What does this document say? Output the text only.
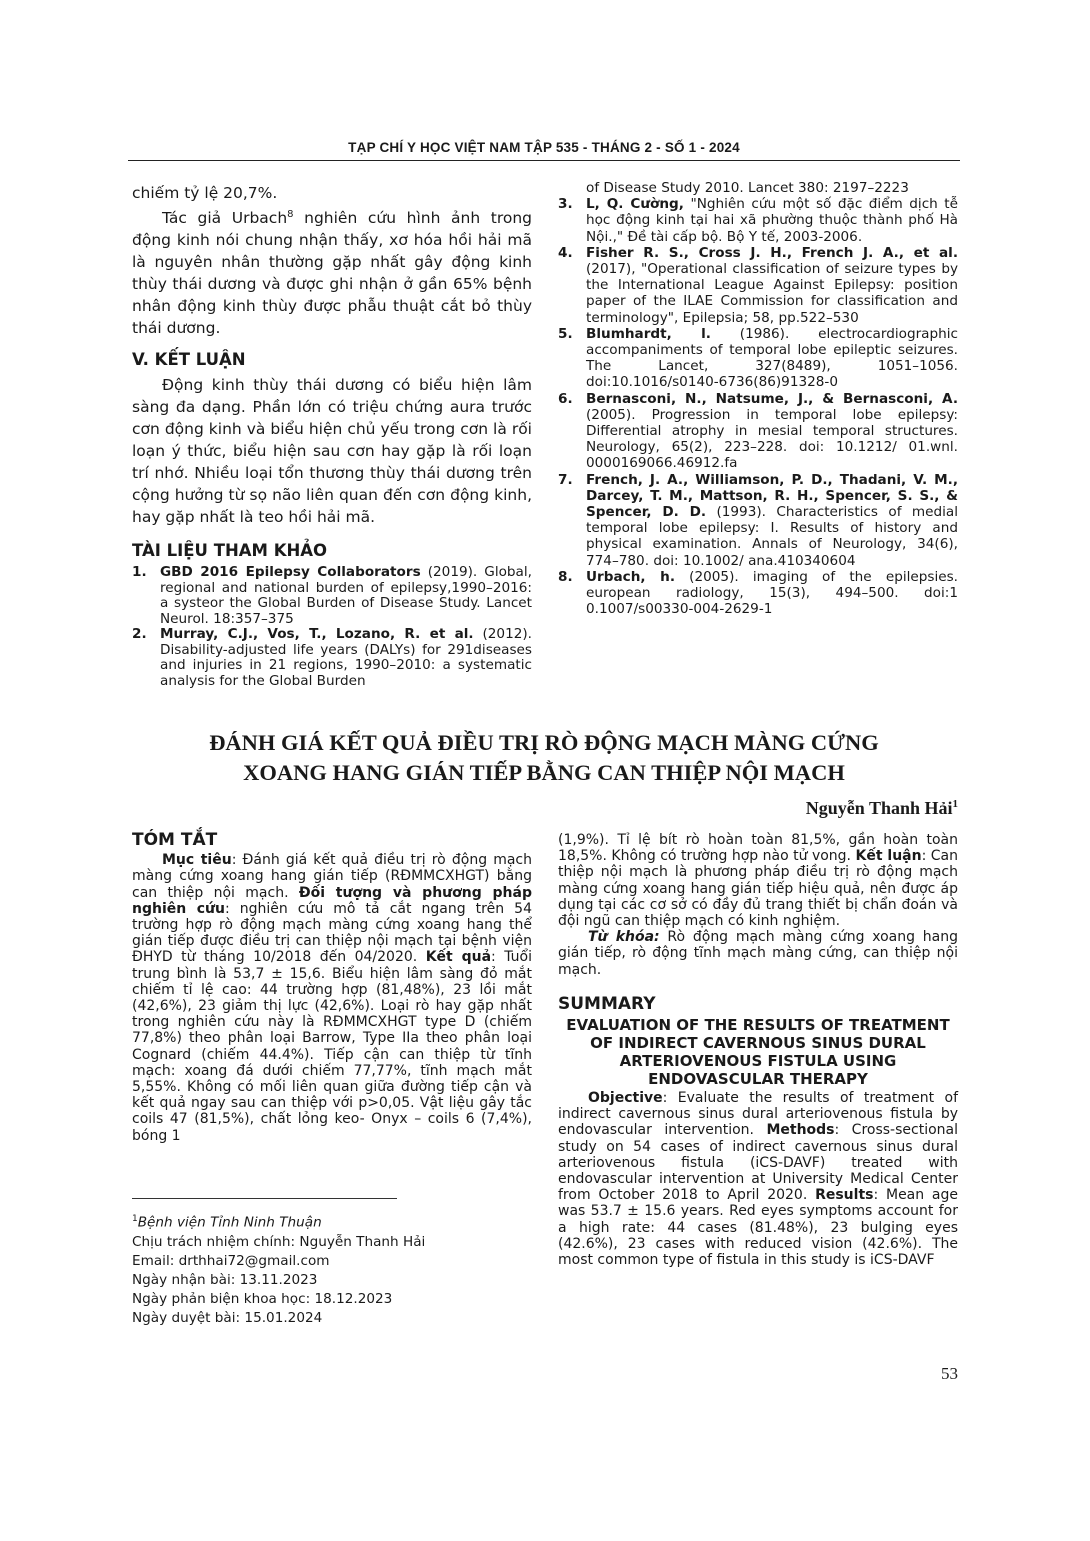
TẠP CHÍ Y HỌC VIỆT NAM TẬP 535 - THÁNG 2 - SỐ 1 - 2024

chiếm tỷ lệ 20,7%.

Tác giả Urbach$^8$ nghiên cứu hình ảnh trong động kinh nói chung nhận thấy, xơ hóa hồi hải mã là nguyên nhân thường gặp nhất gây động kinh thùy thái dương và được ghi nhận ở gần 65% bệnh nhân động kinh thùy được phẫu thuật cắt bỏ thùy thái dương.

V. KẾT LUẬN

Động kinh thùy thái dương có biểu hiện lâm sàng đa dạng. Phần lớn có triệu chứng aura trước cơn động kinh và biểu hiện chủ yếu trong cơn là rối loạn ý thức, biểu hiện sau cơn hay gặp là rối loạn trí nhớ. Nhiều loại tổn thương thùy thái dương trên cộng hưởng từ sọ não liên quan đến cơn động kinh, hay gặp nhất là teo hồi hải mã.

TÀI LIỆU THAM KHẢO
1. GBD 2016 Epilepsy Collaborators (2019). Global, regional and national burden of epilepsy,1990–2016: a systeor the Global Burden of Disease Study. Lancet Neurol. 18:357–375
2. Murray, C.J., Vos, T., Lozano, R. et al. (2012). Disability-adjusted life years (DALYs) for 291diseases and injuries in 21 regions, 1990–2010: a systematic analysis for the Global Burden
of Disease Study 2010. Lancet 380: 2197–2223
3. L, Q. Cường, "Nghiên cứu một số đặc điểm dịch tễ học động kinh tại hai xã phường thuộc thành phố Hà Nội.," Đề tài cấp bộ. Bộ Y tế, 2003-2006.
4. Fisher R. S., Cross J. H., French J. A., et al. (2017), "Operational classification of seizure types by the International League Against Epilepsy: position paper of the ILAE Commission for classification and terminology", Epilepsia; 58, pp.522–530
5. Blumhardt, l. (1986). electrocardiographic accompaniments of temporal lobe epileptic seizures. The Lancet, 327(8489), 1051–1056. doi:10.1016/s0140-6736(86)91328-0
6. Bernasconi, N., Natsume, J., & Bernasconi, A. (2005). Progression in temporal lobe epilepsy: Differential atrophy in mesial temporal structures. Neurology, 65(2), 223–228. doi: 10.1212/ 01.wnl. 0000169066.46912.fa
7. French, J. A., Williamson, P. D., Thadani, V. M., Darcey, T. M., Mattson, R. H., Spencer, S. S., & Spencer, D. D. (1993). Characteristics of medial temporal lobe epilepsy: I. Results of history and physical examination. Annals of Neurology, 34(6), 774–780. doi: 10.1002/ ana.410340604
8. Urbach, h. (2005). imaging of the epilepsies. european radiology, 15(3), 494–500. doi:1 0.1007/s00330-004-2629-1
ĐÁNH GIÁ KẾT QUẢ ĐIỀU TRỊ RÒ ĐỘNG MẠCH MÀNG CỨNG
XOANG HANG GIÁN TIẾP BẰNG CAN THIỆP NỘI MẠCH
Nguyễn Thanh Hải$^1$
TÓM TẮT

Mục tiêu: Đánh giá kết quả điều trị rò động mạch màng cứng xoang hang gián tiếp (RĐMMCXHGT) bằng can thiệp nội mạch. Đối tượng và phương pháp nghiên cứu: nghiên cứu mô tả cắt ngang trên 54 trường hợp rò động mạch màng cứng xoang hang thể gián tiếp được điều trị can thiệp nội mạch tại bệnh viện ĐHYD từ tháng 10/2018 đến 04/2020. Kết quả: Tuổi trung bình là 53,7 ± 15,6. Biểu hiện lâm sàng đỏ mắt chiếm tỉ lệ cao: 44 trường hợp (81,48%), 23 lồi mắt (42,6%), 23 giảm thị lực (42,6%). Loại rò hay gặp nhất trong nghiên cứu này là RĐMMCXHGT type D (chiếm 77,8%) theo phân loại Barrow, Type IIa theo phân loại Cognard (chiếm 44.4%). Tiếp cận can thiệp từ tĩnh mạch: xoang đá dưới chiếm 77,77%, tĩnh mạch mắt 5,55%. Không có mối liên quan giữa đường tiếp cận và kết quả ngay sau can thiệp với p>0,05. Vật liệu gây tắc coils 47 (81,5%), chất lỏng keo- Onyx – coils 6 (7,4%), bóng 1

$^1$Bệnh viện Tỉnh Ninh Thuận
Chịu trách nhiệm chính: Nguyễn Thanh Hải
Email: drthhai72@gmail.com
Ngày nhận bài: 13.11.2023
Ngày phản biện khoa học: 18.12.2023
Ngày duyệt bài: 15.01.2024

(1,9%). Tỉ lệ bít rò hoàn toàn 81,5%, gần hoàn toàn 18,5%. Không có trường hợp nào tử vong. Kết luận: Can thiệp nội mạch là phương pháp điều trị rò động mạch màng cứng xoang hang gián tiếp hiệu quả, nên được áp dụng tại các cơ sở có đầy đủ trang thiết bị chẩn đoán và đội ngũ can thiệp mạch có kinh nghiệm.

Từ khóa: Rò động mạch màng cứng xoang hang gián tiếp, rò động tĩnh mạch màng cứng, can thiệp nội mạch.

SUMMARY
EVALUATION OF THE RESULTS OF TREATMENT OF INDIRECT CAVERNOUS SINUS DURAL ARTERIOVENOUS FISTULA USING ENDOVASCULAR THERAPY

Objective: Evaluate the results of treatment of indirect cavernous sinus dural arteriovenous fistula by endovascular intervention. Methods: Cross-sectional study on 54 cases of indirect cavernous sinus dural arteriovenous fistula (iCS-DAVF) treated with endovascular intervention at University Medical Center from October 2018 to April 2020. Results: Mean age was 53.7 ± 15.6 years. Red eyes symptoms account for a high rate: 44 cases (81.48%), 23 bulging eyes (42.6%), 23 cases with reduced vision (42.6%). The most common type of fistula in this study is iCS-DAVF

53
